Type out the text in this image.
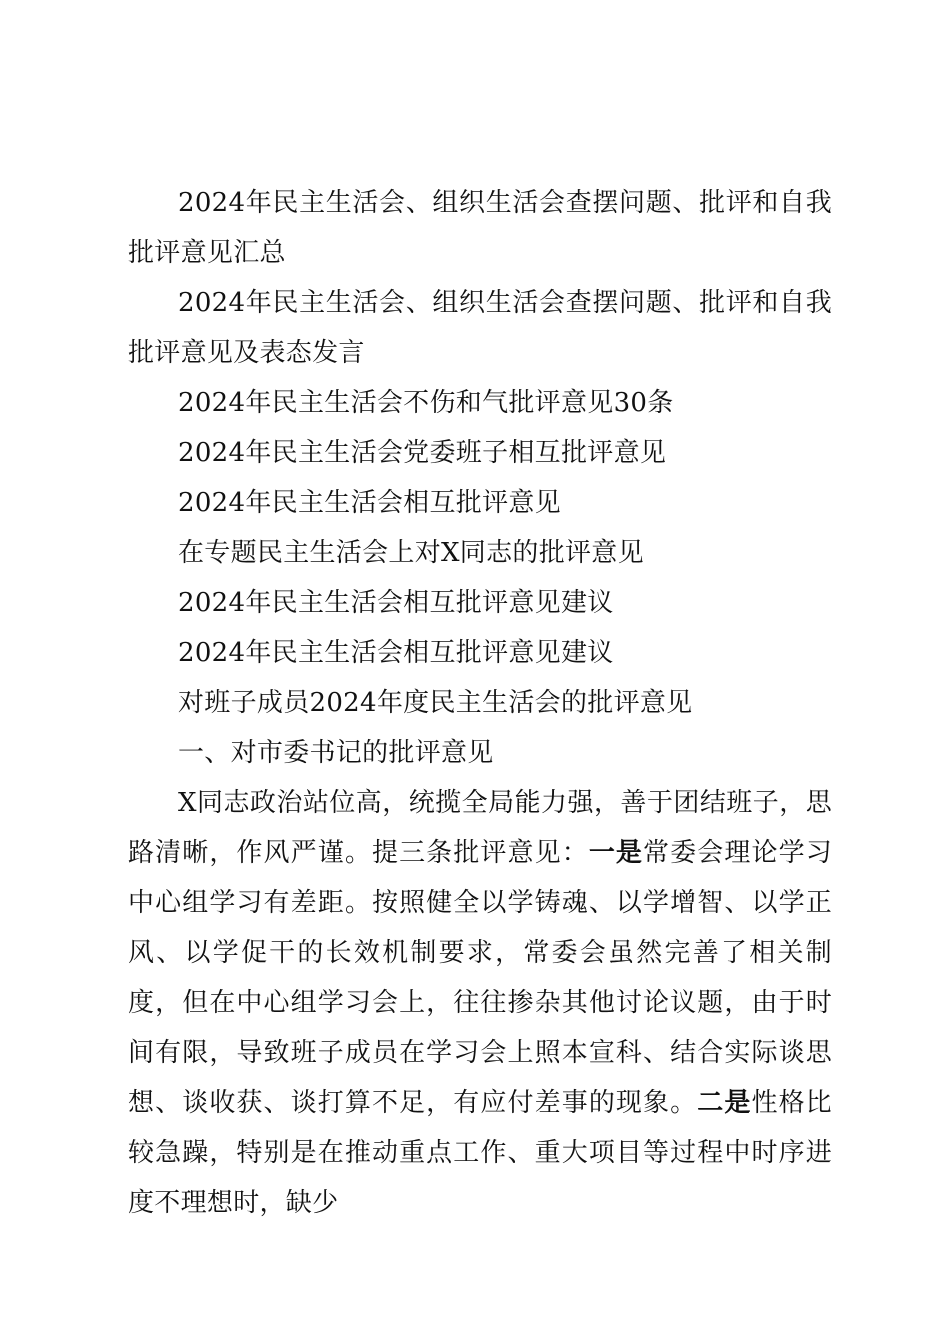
2024年民主生活会、组织生活会查摆问题、批评和自我批评意见汇总

2024年民主生活会、组织生活会查摆问题、批评和自我批评意见及表态发言

2024年民主生活会不伤和气批评意见30条

2024年民主生活会党委班子相互批评意见

2024年民主生活会相互批评意见

在专题民主生活会上对X同志的批评意见

2024年民主生活会相互批评意见建议

2024年民主生活会相互批评意见建议

对班子成员2024年度民主生活会的批评意见

一、对市委书记的批评意见

X同志政治站位高，统揽全局能力强，善于团结班子，思路清晰，作风严谨。提三条批评意见：一是常委会理论学习中心组学习有差距。按照健全以学铸魂、以学增智、以学正风、以学促干的长效机制要求，常委会虽然完善了相关制度，但在中心组学习会上，往往掺杂其他讨论议题，由于时间有限，导致班子成员在学习会上照本宣科、结合实际谈思想、谈收获、谈打算不足，有应付差事的现象。二是性格比较急躁，特别是在推动重点工作、重大项目等过程中时序进度不理想时，缺少
